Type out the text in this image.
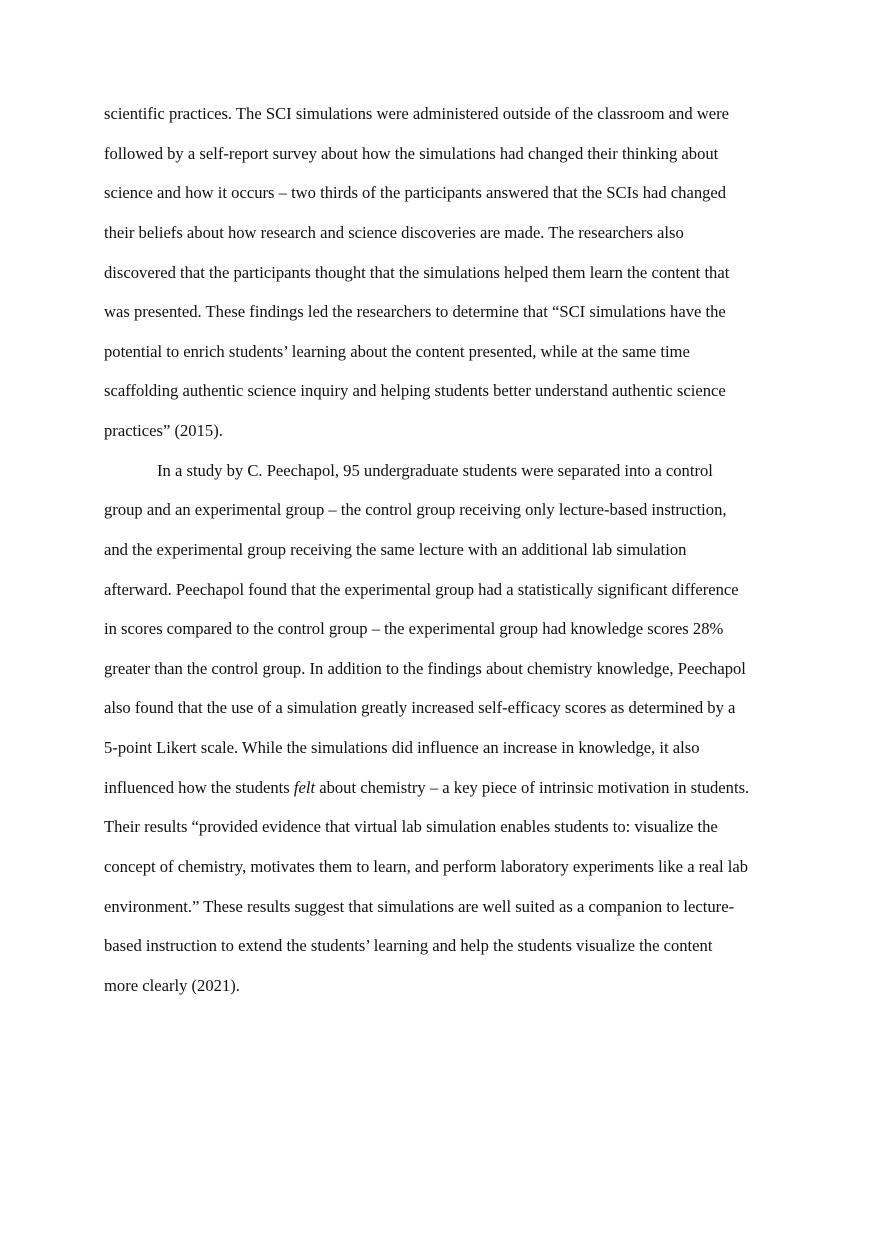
scientific practices. The SCI simulations were administered outside of the classroom and were
followed by a self-report survey about how the simulations had changed their thinking about
science and how it occurs – two thirds of the participants answered that the SCIs had changed
their beliefs about how research and science discoveries are made. The researchers also
discovered that the participants thought that the simulations helped them learn the content that
was presented. These findings led the researchers to determine that “SCI simulations have the
potential to enrich students’ learning about the content presented, while at the same time
scaffolding authentic science inquiry and helping students better understand authentic science
practices” (2015).
In a study by C. Peechapol, 95 undergraduate students were separated into a control
group and an experimental group – the control group receiving only lecture-based instruction,
and the experimental group receiving the same lecture with an additional lab simulation
afterward. Peechapol found that the experimental group had a statistically significant difference
in scores compared to the control group – the experimental group had knowledge scores 28%
greater than the control group. In addition to the findings about chemistry knowledge, Peechapol
also found that the use of a simulation greatly increased self-efficacy scores as determined by a
5-point Likert scale. While the simulations did influence an increase in knowledge, it also
influenced how the students felt about chemistry – a key piece of intrinsic motivation in students.
Their results “provided evidence that virtual lab simulation enables students to: visualize the
concept of chemistry, motivates them to learn, and perform laboratory experiments like a real lab
environment.” These results suggest that simulations are well suited as a companion to lecture-
based instruction to extend the students’ learning and help the students visualize the content
more clearly (2021).
